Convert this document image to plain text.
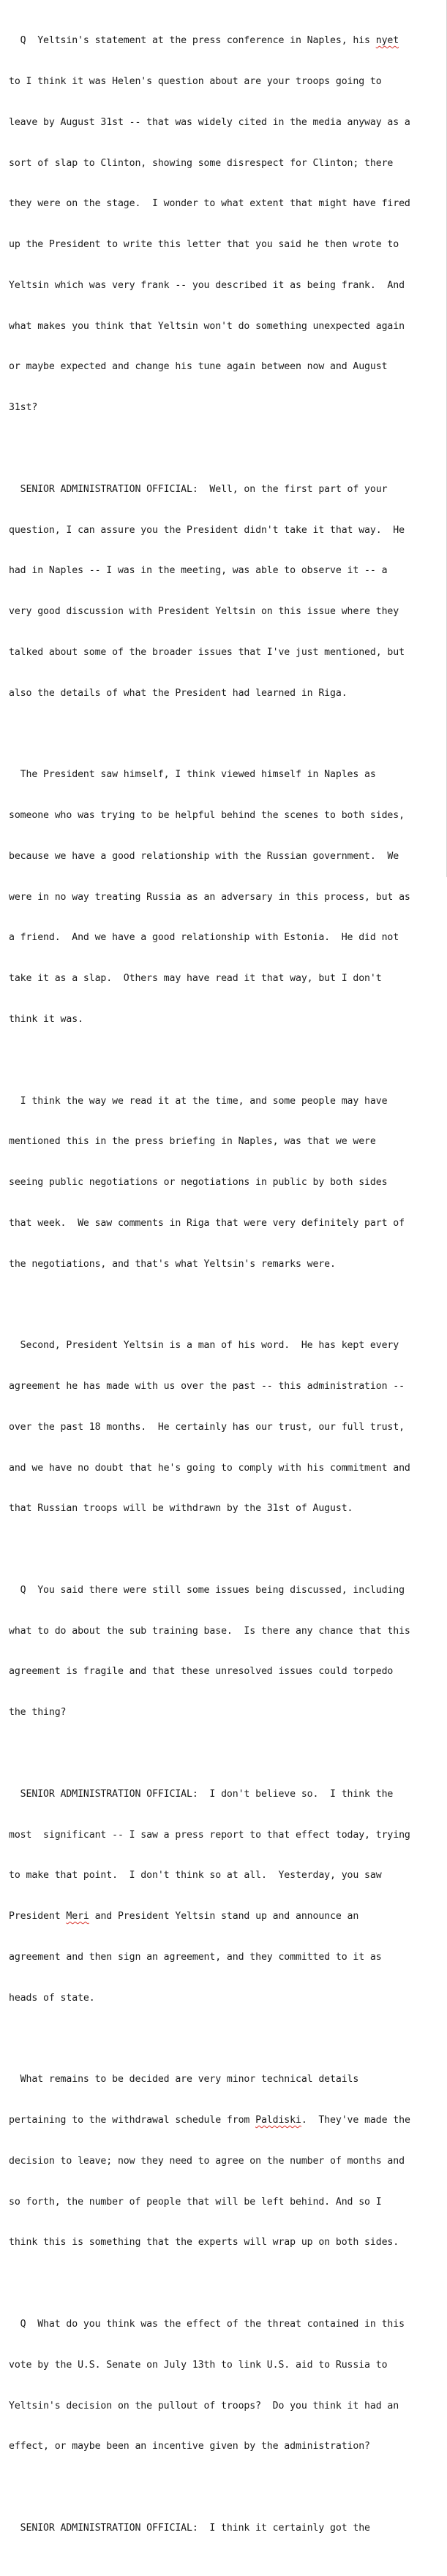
Q  Yeltsin's statement at the press conference in Naples, his nyet

to I think it was Helen's question about are your troops going to

leave by August 31st -- that was widely cited in the media anyway as a

sort of slap to Clinton, showing some disrespect for Clinton; there

they were on the stage.  I wonder to what extent that might have fired

up the President to write this letter that you said he then wrote to

Yeltsin which was very frank -- you described it as being frank.  And

what makes you think that Yeltsin won't do something unexpected again

or maybe expected and change his tune again between now and August

31st?

SENIOR ADMINISTRATION OFFICIAL:  Well, on the first part of your

question, I can assure you the President didn't take it that way.  He

had in Naples -- I was in the meeting, was able to observe it -- a

very good discussion with President Yeltsin on this issue where they

talked about some of the broader issues that I've just mentioned, but

also the details of what the President had learned in Riga.

The President saw himself, I think viewed himself in Naples as

someone who was trying to be helpful behind the scenes to both sides,

because we have a good relationship with the Russian government.  We

were in no way treating Russia as an adversary in this process, but as

a friend.  And we have a good relationship with Estonia.  He did not

take it as a slap.  Others may have read it that way, but I don't

think it was.

I think the way we read it at the time, and some people may have

mentioned this in the press briefing in Naples, was that we were

seeing public negotiations or negotiations in public by both sides

that week.  We saw comments in Riga that were very definitely part of

the negotiations, and that's what Yeltsin's remarks were.

Second, President Yeltsin is a man of his word.  He has kept every

agreement he has made with us over the past -- this administration --

over the past 18 months.  He certainly has our trust, our full trust,

and we have no doubt that he's going to comply with his commitment and

that Russian troops will be withdrawn by the 31st of August.

Q  You said there were still some issues being discussed, including

what to do about the sub training base.  Is there any chance that this

agreement is fragile and that these unresolved issues could torpedo

the thing?

SENIOR ADMINISTRATION OFFICIAL:  I don't believe so.  I think the

most  significant -- I saw a press report to that effect today, trying

to make that point.  I don't think so at all.  Yesterday, you saw

President Meri and President Yeltsin stand up and announce an

agreement and then sign an agreement, and they committed to it as

heads of state.

What remains to be decided are very minor technical details

pertaining to the withdrawal schedule from Paldiski.  They've made the

decision to leave; now they need to agree on the number of months and

so forth, the number of people that will be left behind. And so I

think this is something that the experts will wrap up on both sides.

Q  What do you think was the effect of the threat contained in this

vote by the U.S. Senate on July 13th to link U.S. aid to Russia to

Yeltsin's decision on the pullout of troops?  Do you think it had an

effect, or maybe been an incentive given by the administration?

SENIOR ADMINISTRATION OFFICIAL:  I think it certainly got the
